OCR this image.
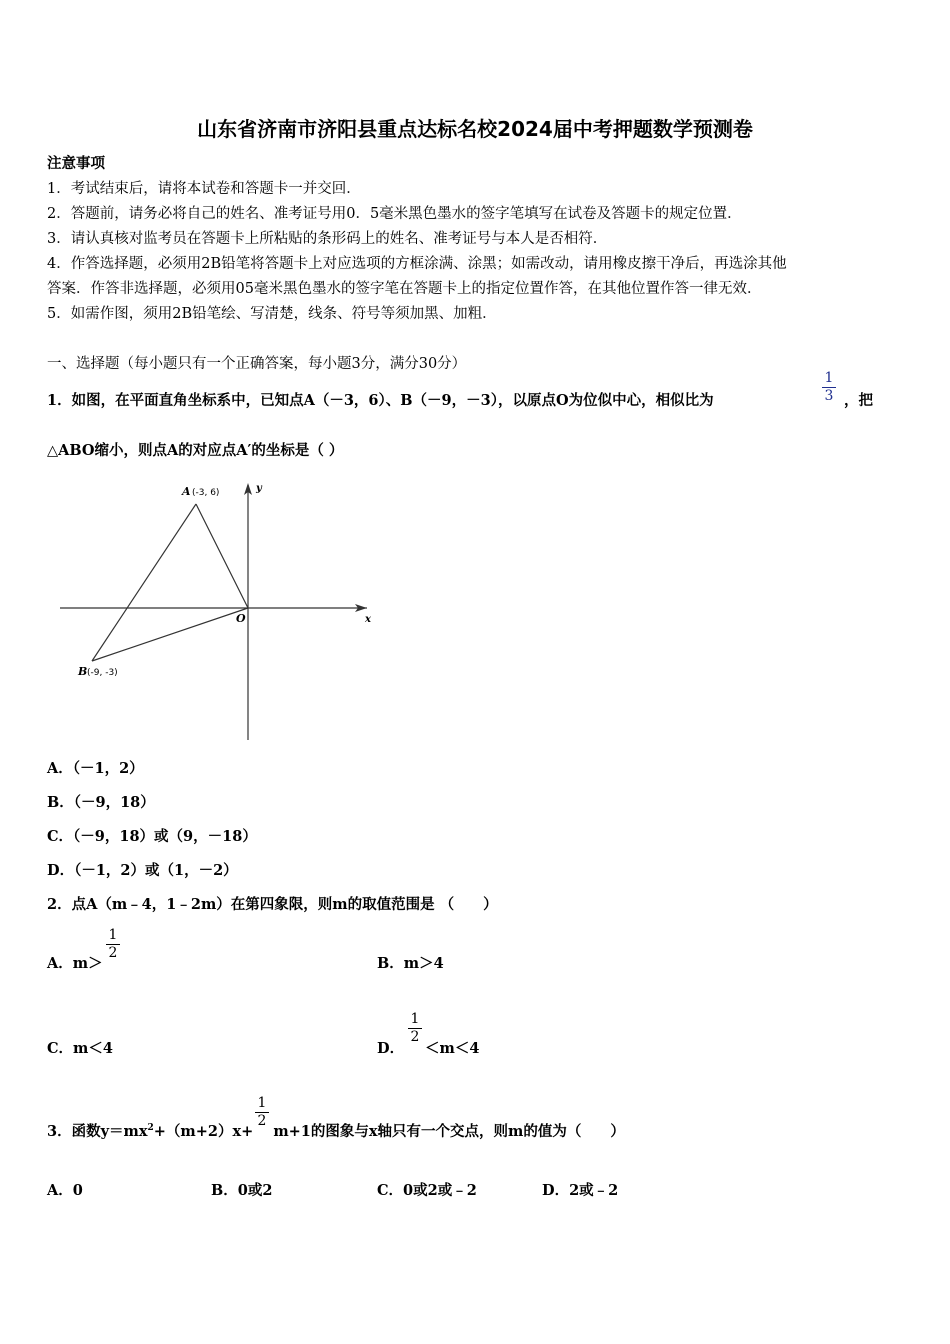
山东省济南市济阳县重点达标名校2024届中考押题数学预测卷
注意事项
1．考试结束后，请将本试卷和答题卡一并交回．
2．答题前，请务必将自己的姓名、准考证号用0．5毫米黑色墨水的签字笔填写在试卷及答题卡的规定位置．
3．请认真核对监考员在答题卡上所粘贴的条形码上的姓名、准考证号与本人是否相符．
4．作答选择题，必须用2B铅笔将答题卡上对应选项的方框涂满、涂黑；如需改动，请用橡皮擦干净后，再选涂其他
答案．作答非选择题，必须用05毫米黑色墨水的签字笔在答题卡上的指定位置作答，在其他位置作答一律无效．
5．如需作图，须用2B铅笔绘、写清楚，线条、符号等须加黑、加粗．
一、选择题（每小题只有一个正确答案，每小题3分，满分30分）
1．如图，在平面直角坐标系中，已知点A（－3，6）、B（－9，－3），以原点O为位似中心，相似比为
1
3 ，把
△ABO缩小，则点A的对应点A′的坐标是（ ）
A (-3, 6)
B (-9, -3)
O	x
y
A．（－1，2）
B．（－9，18）
C．（－9，18）或（9，－18）
D．（－1，2）或（1，－2）
2．点A（m﹣4，1﹣2m）在第四象限，则m的取值范围是 （　　）
A．m＞
1
2
B．m＞4
C．m＜4	D．
1
2
＜m＜4
3．函数$y=mx^2+(m+2)x+ m+1$的图象与x轴只有一个交点，则m的值为（　　）
1
2
A．0	B．0或2	C．0或2或﹣2	D．2或﹣2
